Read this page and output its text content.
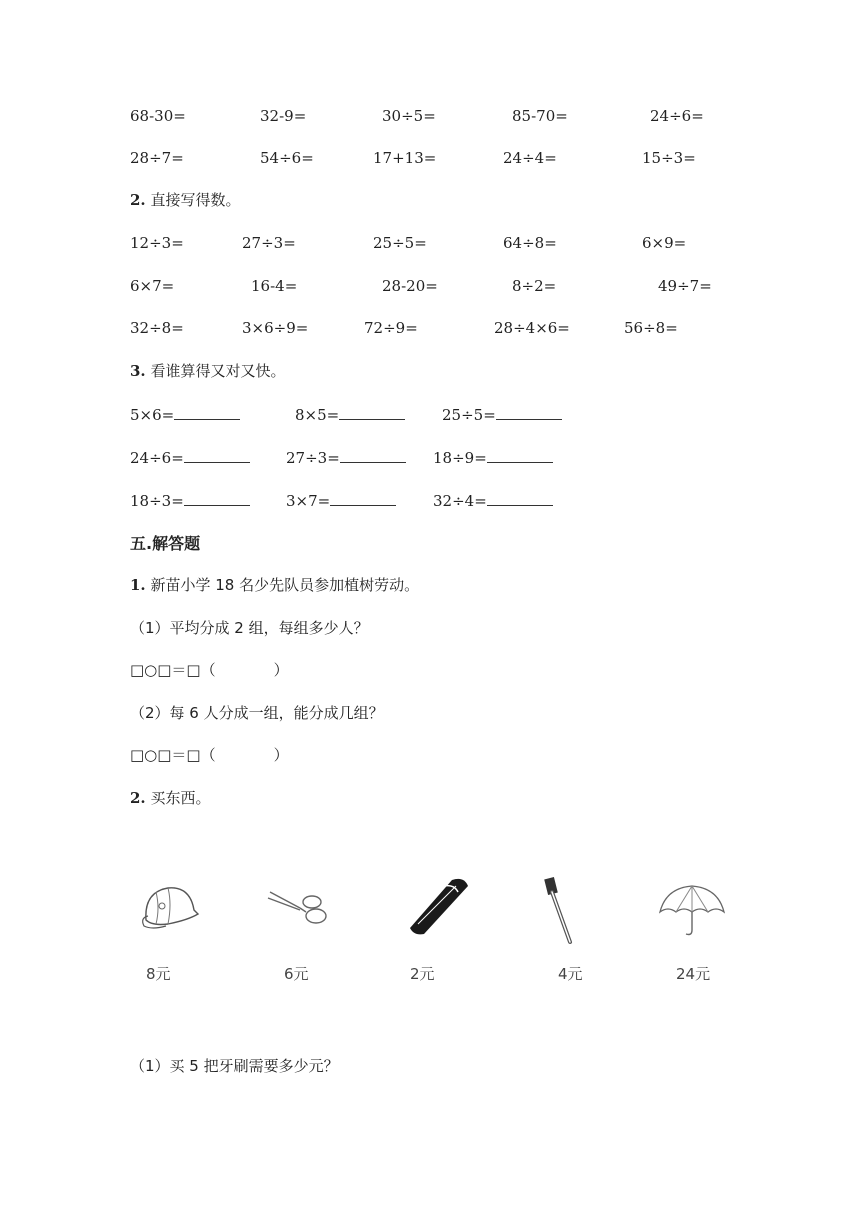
68-30=	32-9=	30÷5=	85-70=	24÷6=
28÷7=	54÷6=	17+13=	24÷4=	15÷3=
2. 直接写得数。
12÷3=	27÷3=	25÷5=	64÷8=	6×9=
6×7=	16-4=	28-20=	8÷2=	49÷7=
32÷8=	3×6÷9=	72÷9=	28÷4×6=	56÷8=
3. 看谁算得又对又快。
5×6=	8×5=	25÷5=
24÷6=	27÷3=	18÷9=
18÷3=	3×7=	32÷4=
五.解答题
1. 新苗小学 18 名少先队员参加植树劳动。
（1）平均分成 2 组，每组多少人？
□○□＝□（	）
（2）每 6 人分成一组，能分成几组？
□○□＝□（	）
2. 买东西。
8元	6元	2元	4元	24元
（1）买 5 把牙刷需要多少元？
